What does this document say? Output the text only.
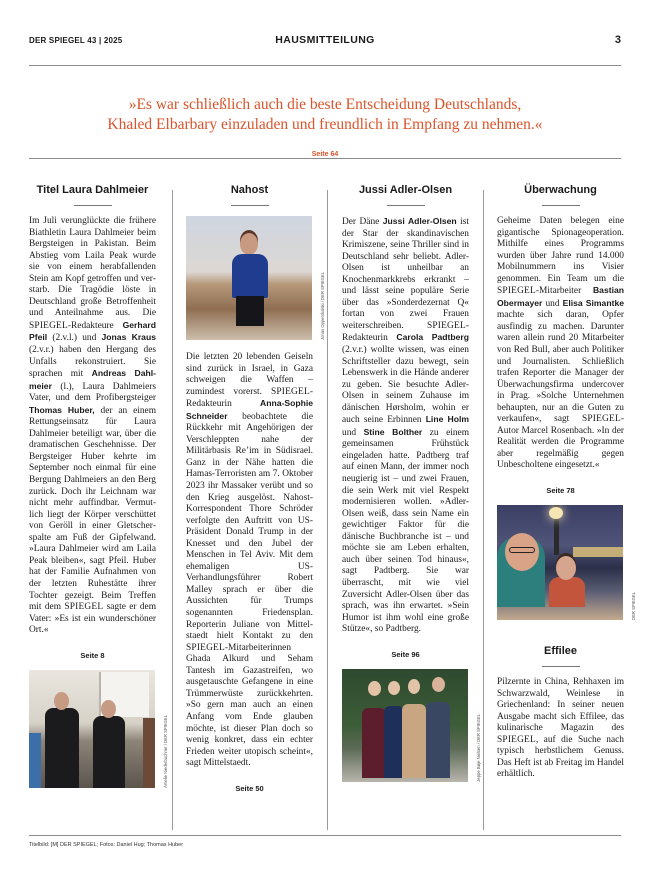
DER SPIEGEL 43 | 2025	HAUSMITTEILUNG	3
»Es war schließlich auch die beste Entscheidung Deutschlands,
Khaled Elbarbary einzuladen und freundlich in Empfang zu nehmen.«
Seite 64
Titel Laura Dahlmeier
Im Juli verunglückte die frühere Biathletin Laura Dahlmeier beim Bergsteigen in Pakistan. Beim Abstieg vom Laila Peak wurde sie von einem herabfallenden Stein am Kopf getroffen und verstarb. Die Tragödie löste in Deutschland große Betroffenheit und Anteilnahme aus. Die SPIEGEL-Redakteure Gerhard Pfeil (2.v.l.) und Jonas Kraus (2.v.r.) haben den Hergang des Unfalls rekonstruiert. Sie sprachen mit Andreas Dahlmeier (l.), Laura Dahlmeiers Vater, und dem Profibergsteiger Thomas Huber, der an einem Rettungseinsatz für Laura Dahlmeier beteiligt war, über die dramatischen Geschehnisse. Der Bergsteiger Huber kehrte im September noch einmal für eine Bergung Dahlmeiers an den Berg zurück. Doch ihr Leichnam war nicht mehr auffindbar. Vermutlich liegt der Körper verschüttet von Geröll in einer Gletscherspalte am Fuß der Gipfelwand. »Laura Dahlmeier wird am Laila Peak bleiben«, sagt Pfeil. Huber hat der Familie Aufnahmen von der letzten Ruhestätte ihrer Tochter gezeigt. Beim Treffen mit dem SPIEGEL sagte er dem Vater: »Es ist ein wunderschöner Ort.«
Seite 8
Amelie Niederbuchner / DER SPIEGEL
Nahost
Jonas Opperskalski / DER SPIEGEL
Die letzten 20 lebenden Geiseln sind zurück in Israel, in Gaza schweigen die Waffen – zumindest vorerst. SPIEGEL-Redakteurin Anna-Sophie Schneider beobachtete die Rückkehr mit Angehörigen der Verschleppten nahe der Militärbasis Re’im in Südisrael. Ganz in der Nähe hatten die Hamas-Terroristen am 7. Oktober 2023 ihr Massaker verübt und so den Krieg ausgelöst. Nahost-Korrespondent Thore Schröder verfolgte den Auftritt von US-Präsident Donald Trump in der Knesset und den Jubel der Menschen in Tel Aviv. Mit dem ehemaligen US-Verhandlungsführer Robert Malley sprach er über die Aussichten für Trumps sogenannten Friedensplan. Reporterin Juliane von Mittelstaedt hielt Kontakt zu den SPIEGEL-Mitarbeiterinnen Ghada Alkurd und Seham Tantesh im Gazastreifen, wo ausgetauschte Gefangene in eine Trümmerwüste zurückkehrten. »So gern man auch an einen Anfang vom Ende glauben möchte, ist dieser Plan doch so wenig konkret, dass ein echter Frieden weiter utopisch scheint«, sagt Mittelstaedt.
Seite 50
Jussi Adler-Olsen
Der Däne Jussi Adler-Olsen ist der Star der skandinavischen Krimiszene, seine Thriller sind in Deutschland sehr beliebt. Adler-Olsen ist unheilbar an Knochenmarkkrebs erkrankt – und lässt seine populäre Serie über das »Sonderdezernat Q« fortan von zwei Frauen weiterschreiben. SPIEGEL-Redakteurin Carola Padtberg (2.v.r.) wollte wissen, was einen Schriftsteller dazu bewegt, sein Lebenswerk in die Hände anderer zu geben. Sie besuchte Adler-Olsen in seinem Zuhause im dänischen Hørsholm, wohin er auch seine Erbinnen Line Holm und Stine Bolther zu einem gemeinsamen Frühstück eingeladen hatte. Padtberg traf auf einen Mann, der immer noch neugierig ist – und zwei Frauen, die sein Werk mit viel Respekt modernisieren wollen. »Adler-Olsen weiß, dass sein Name ein gewichtiger Faktor für die dänische Buchbranche ist – und möchte sie am Leben erhalten, auch über seinen Tod hinaus«, sagt Padtberg. Sie war überrascht, mit wie viel Zuversicht Adler-Olsen über das sprach, was ihn erwartet. »Sein Humor ist ihm wohl eine große Stütze«, so Padtberg.
Seite 96
Jeppe Bøje Nielsen / DER SPIEGEL
Überwachung
Geheime Daten belegen eine gigantische Spionageoperation. Mithilfe eines Programms wurden über Jahre rund 14.000 Mobilnummern ins Visier genommen. Ein Team um die SPIEGEL-Mitarbeiter Bastian Obermayer und Elisa Simantke machte sich daran, Opfer ausfindig zu machen. Darunter waren allein rund 20 Mitarbeiter von Red Bull, aber auch Politiker und Journalisten. Schließlich trafen Reporter die Manager der Überwachungsfirma undercover in Prag. »Solche Unternehmen behaupten, nur an die Guten zu verkaufen«, sagt SPIEGEL-Autor Marcel Rosenbach. »In der Realität werden die Programme aber regelmäßig gegen Unbescholtene eingesetzt.«
Seite 78
DER SPIEGEL
Effilee
Pilzernte in China, Rehhaxen im Schwarzwald, Weinlese in Griechenland: In seiner neuen Ausgabe macht sich Effilee, das kulinarische Magazin des SPIEGEL, auf die Suche nach typisch herbstlichem Genuss. Das Heft ist ab Freitag im Handel erhältlich.
Titelbild: [M] DER SPIEGEL; Fotos: Daniel Hug; Thomas Huber
